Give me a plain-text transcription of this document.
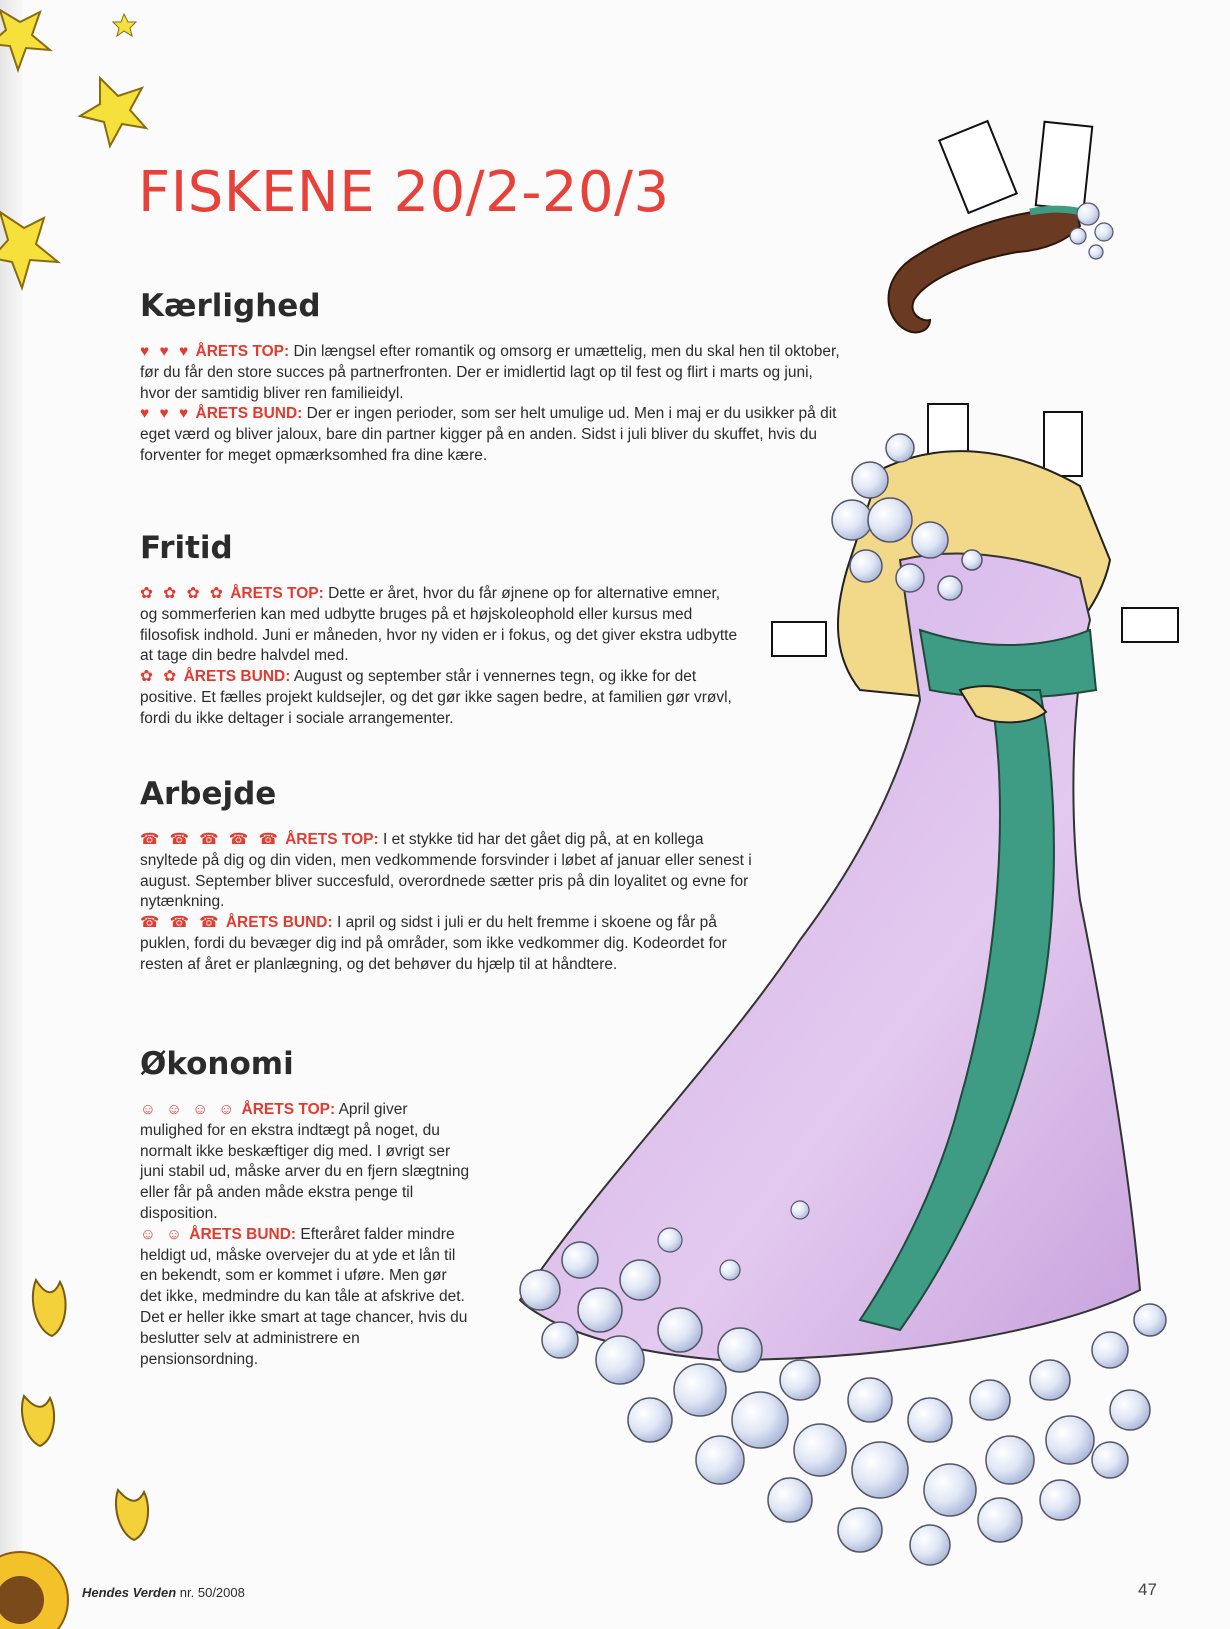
FISKENE 20/2-20/3
Kærlighed

♥ ♥ ♥ ÅRETS TOP: Din længsel efter romantik og omsorg er umættelig, men du skal hen til oktober, før du får den store succes på partnerfronten. Der er imidlertid lagt op til fest og flirt i marts og juni, hvor der samtidig bliver ren familieidyl.
♥ ♥ ♥ ÅRETS BUND: Der er ingen perioder, som ser helt umulige ud. Men i maj er du usikker på dit eget værd og bliver jaloux, bare din partner kigger på en anden. Sidst i juli bliver du skuffet, hvis du forventer for meget opmærksomhed fra dine kære.

Fritid

✿ ✿ ✿ ✿ ÅRETS TOP: Dette er året, hvor du får øjnene op for alternative emner, og sommerferien kan med udbytte bruges på et højskoleophold eller kursus med filosofisk indhold. Juni er måneden, hvor ny viden er i fokus, og det giver ekstra udbytte at tage din bedre halvdel med.
✿ ✿ ÅRETS BUND: August og september står i vennernes tegn, og ikke for det positive. Et fælles projekt kuldsejler, og det gør ikke sagen bedre, at familien gør vrøvl, fordi du ikke deltager i sociale arrangementer.

Arbejde

☎ ☎ ☎ ☎ ☎ ÅRETS TOP: I et stykke tid har det gået dig på, at en kollega snyltede på dig og din viden, men vedkommende forsvinder i løbet af januar eller senest i august. September bliver succesfuld, overordnede sætter pris på din loyalitet og evne for nytænkning.
☎ ☎ ☎ ÅRETS BUND: I april og sidst i juli er du helt fremme i skoene og får på puklen, fordi du bevæger dig ind på områder, som ikke vedkommer dig. Kodeordet for resten af året er planlægning, og det behøver du hjælp til at håndtere.

Økonomi

☺ ☺ ☺ ☺ ÅRETS TOP: April giver mulighed for en ekstra indtægt på noget, du normalt ikke beskæftiger dig med. I øvrigt ser juni stabil ud, måske arver du en fjern slægtning eller får på anden måde ekstra penge til disposition.
☺ ☺ ÅRETS BUND: Efteråret falder mindre heldigt ud, måske overvejer du at yde et lån til en bekendt, som er kommet i uføre. Men gør det ikke, medmindre du kan tåle at afskrive det. Det er heller ikke smart at tage chancer, hvis du beslutter selv at administrere en pensionsordning.

Hendes Verden nr. 50/2008	47
